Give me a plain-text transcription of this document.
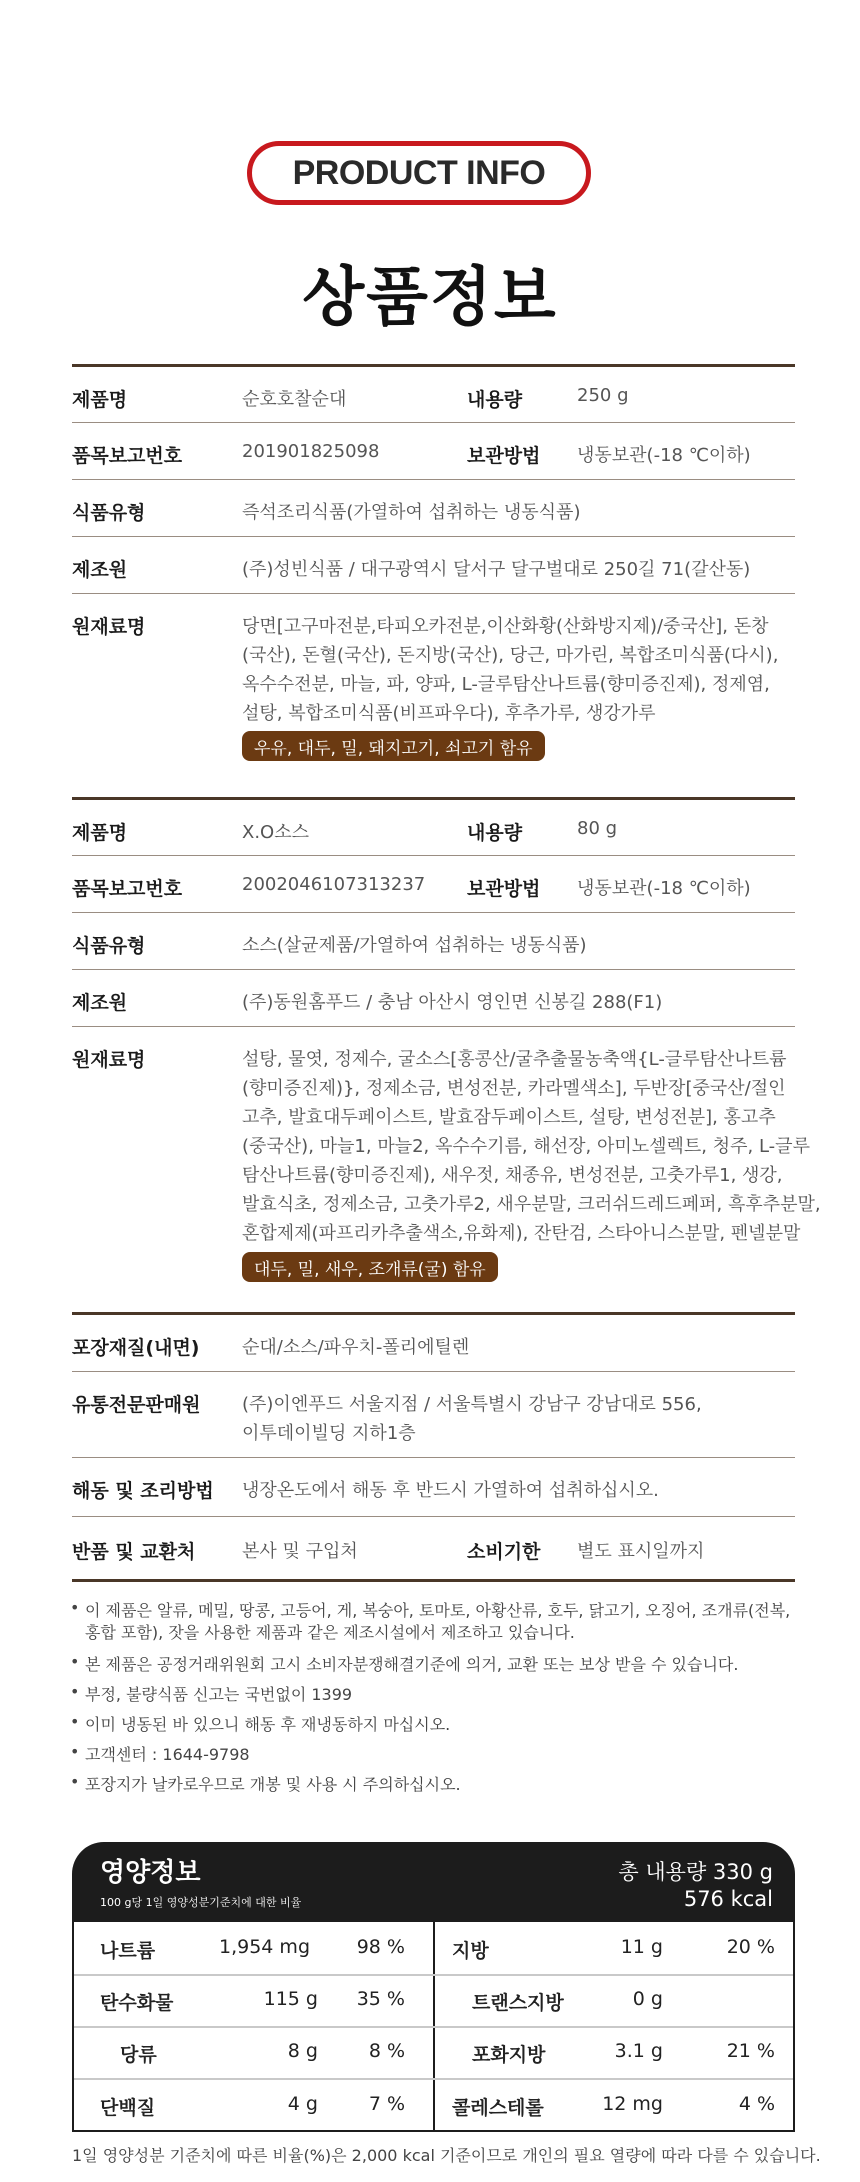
PRODUCT INFO
상품정보
제품명	순호호찰순대	내용량	250 g
품목보고번호	201901825098	보관방법 냉동보관(-18 ℃이하)
식품유형	즉석조리식품(가열하여 섭취하는 냉동식품)
제조원	(주)성빈식품 / 대구광역시 달서구 달구벌대로 250길 71(갈산동)
원재료명	당면[고구마전분,타피오카전분,이산화황(산화방지제)/중국산], 돈창
(국산), 돈혈(국산), 돈지방(국산), 당근, 마가린, 복합조미식품(다시),
옥수수전분, 마늘, 파, 양파, L-글루탐산나트륨(향미증진제), 정제염,
설탕, 복합조미식품(비프파우다), 후추가루, 생강가루
우유, 대두, 밀, 돼지고기, 쇠고기 함유
제품명	X.O소스	내용량	80 g
품목보고번호	2002046107313237 보관방법 냉동보관(-18 ℃이하)
식품유형	소스(살균제품/가열하여 섭취하는 냉동식품)
제조원	(주)동원홈푸드 / 충남 아산시 영인면 신봉길 288(F1)
원재료명	설탕, 물엿, 정제수, 굴소스[홍콩산/굴추출물농축액{L-글루탐산나트륨
(향미증진제)}, 정제소금, 변성전분, 카라멜색소], 두반장[중국산/절인
고추, 발효대두페이스트, 발효잠두페이스트, 설탕, 변성전분], 홍고추
(중국산), 마늘1, 마늘2, 옥수수기름, 해선장, 아미노셀렉트, 청주, L-글루
탐산나트륨(향미증진제), 새우젓, 채종유, 변성전분, 고춧가루1, 생강,
발효식초, 정제소금, 고춧가루2, 새우분말, 크러쉬드레드페퍼, 흑후추분말,
혼합제제(파프리카추출색소,유화제), 잔탄검, 스타아니스분말, 펜넬분말
대두, 밀, 새우, 조개류(굴) 함유
포장재질(내면) 순대/소스/파우치-폴리에틸렌
유통전문판매원 (주)이엔푸드 서울지점 / 서울특별시 강남구 강남대로 556,
이투데이빌딩 지하1층
해동 및 조리방법 냉장온도에서 해동 후 반드시 가열하여 섭취하십시오.
반품 및 교환처	본사 및 구입처	소비기한 별도 표시일까지
• 이 제품은 알류, 메밀, 땅콩, 고등어, 게, 복숭아, 토마토, 아황산류, 호두, 닭고기, 오징어, 조개류(전복,
홍합 포함), 잣을 사용한 제품과 같은 제조시설에서 제조하고 있습니다.
• 본 제품은 공정거래위원회 고시 소비자분쟁해결기준에 의거, 교환 또는 보상 받을 수 있습니다.
• 부정, 불량식품 신고는 국번없이 1399
• 이미 냉동된 바 있으니 해동 후 재냉동하지 마십시오.
• 고객센터 : 1644-9798
• 포장지가 날카로우므로 개봉 및 사용 시 주의하십시오.
영양정보
100 g당 1일 영양성분기준치에 대한 비율
총 내용량 330 g
576 kcal
나트륨	1,954 mg 98 % 지방	11 g	20 %
탄수화물	115 g 35 %	트랜스지방	0 g
당류	8 g	8 %	포화지방	3.1 g	21 %
단백질	4 g	7 % 콜레스테롤	12 mg	4 %
1일 영양성분 기준치에 따른 비율(%)은 2,000 kcal 기준이므로 개인의 필요 열량에 따라 다를 수 있습니다.
